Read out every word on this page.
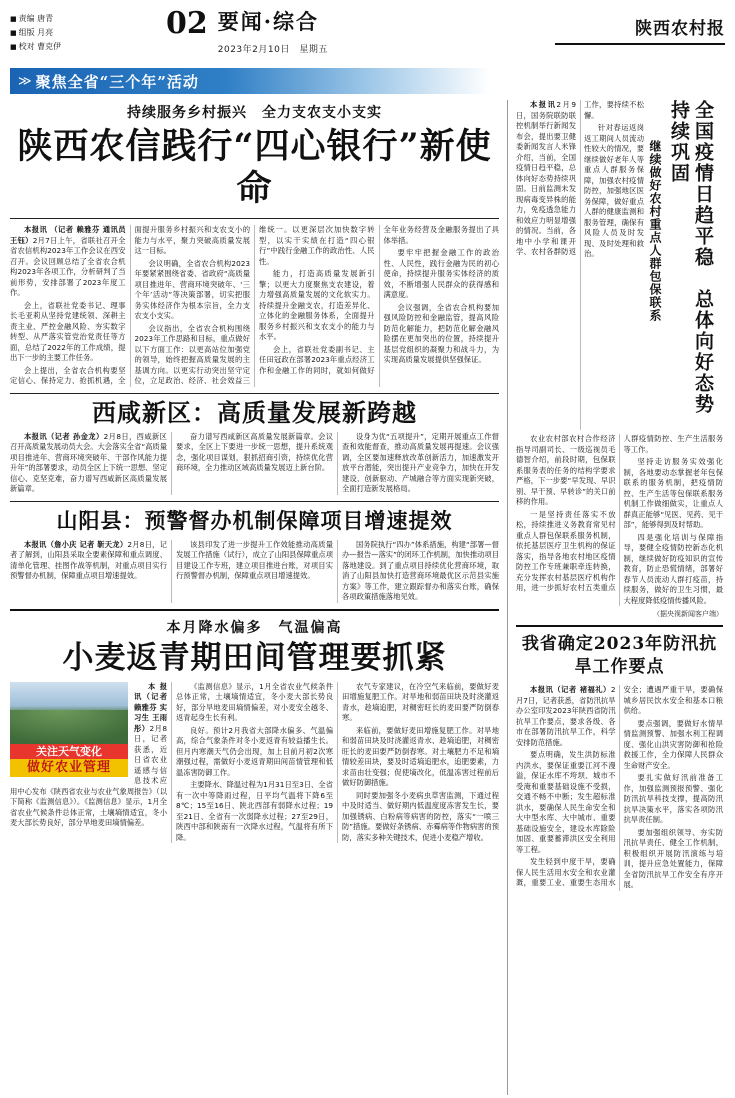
■ 责编 唐青
■ 组版 月亮
■ 校对 曹克伊
02 要闻·综合
2023年2月10日　星期五
陕西农村报
≫ 聚焦全省“三个年”活动
持续服务乡村振兴　全力支农支小支实
陕西农信践行“四心银行”新使命

本报讯 （记者 赖雅芬 通讯员 王钰）2月7日上午，省联社召开全省农信机构2023年工作会议在西安召开。会议回顾总结了全省农合机构2023年各项工作，分析研判了当前形势，安排部署了2023年度工作。

会上，省联社党委书记、理事长毛亚莉从坚持党建统领、深耕主责主业、严控金融风险、夯实数字转型、从严落实管党治党责任等方面，总结了2022年的工作成绩，提出下一步的主要工作任务。

会上提出，全省农合机构要坚定信心、保持定力、抢抓机遇，全面提升服务乡村振兴和支农支小的能力与水平，聚力突破高质量发展这一目标。

会议明确，全省农合机构2023年要紧紧围绕省委、省政府“高质量项目推进年、营商环境突破年、‘三个年’活动”等决策部署，切实把服务实体经济作为根本宗旨，全力支农支小支实。

会议指出，全省农合机构围绕2023年工作思路和目标，重点做好以下方面工作：以更高站位加强党的领导，始终把握高质量发展的主基调方向。以更实行动突出坚守定位，立足政治、经济、社会效益三维统一。以更深层次加快数字转型，以实干实绩在打造“四心银行”中践行金融工作的政治性、人民性。

能力，打造高质量发展新引擎；以更大力度聚焦支农建设，着力增强高质量发展的文化软实力。持续提升金融支农，打造差异化、立体化的金融服务体系，全面提升服务乡村振兴和支农支小的能力与水平。

会上，省联社党委副书记、主任田冠政在部署2023年重点经济工作和金融工作的同时，就如何做好全年业务经营及金融服务提出了具体举措。

要牢牢把握金融工作的政治性、人民性，践行金融为民的初心使命，持续提升服务实体经济的质效，不断增强人民群众的获得感和满意度。

会议强调，全省农合机构要加强风险防控和金融监管，提高风险防范化解能力，把防范化解金融风险摆在更加突出的位置，持续提升基层党组织的凝聚力和战斗力，为实现高质量发展提供坚强保证。

西咸新区：高质量发展新跨越

本报讯（记者 孙金龙）2月8日，西咸新区召开高质量发展动员大会。大会落实全省“高质量项目推进年、营商环境突破年、干部作风能力提升年”的部署要求，动员全区上下统一思想、坚定信心、克坚克难，奋力谱写西咸新区高质量发展新篇章。

奋力谱写西咸新区高质量发展新篇章。会议要求，全区上下要进一步统一思想，提升系统观念，强化项目谋划，狠抓招商引资，持续优化营商环境，全力推动区域高质量发展迈上新台阶。

设身为优“五项提升”，定期开展重点工作督查和效能督查，推动高质量发展再提速。会议强调，全区要加速释放改革创新活力，加速激发开放平台潜能，突出提升产业竞争力，加快在开发建设、创新驱动、产城融合等方面实现新突破，全面打造新发展格局。

山阳县：预警督办机制保障项目增速提效

本报讯（詹小庆 记者 靳天龙）2月8日，记者了解到，山阳县采取全要素保障和重点调度、清单化管理、挂图作战等机制，对重点项目实行预警督办机制，保障重点项目增速提效。

该县印发了进一步提升工作效能推动高质量发展工作措施（试行），成立了山阳县保障重点项目建设工作专班，建立项目推进台账，对项目实行预警督办机制，保障重点项目增速提效。

国务院执行“四办”体系措施，构建“部署—督办—报告—落实”的闭环工作机制，加快推动项目落地建设。到了重点项目持续优化营商环境，取消了山阳县加快打造营商环境最优区示范县实施方案》等工作，建立跟踪督办和落实台账，确保各项政策措施落地见效。

本月降水偏多　气温偏高
小麦返青期田间管理要抓紧
关注天气变化
做好农业管理

本报讯（记者 赖雅芬 实习生 王雨彤）2月8日，记者获悉，近日省农业遥感与信息技术应用中心发布《陕西省农业与农业气象周报告》（以下简称《监测信息》）。《监测信息》显示，1月全省农业气候条件总体正常，土壤墒情适宜，冬小麦大部长势良好，部分旱地麦田墒情偏差。

《监测信息》显示，1月全省农业气候条件总体正常，土壤墒情适宜，冬小麦大部长势良好，部分旱地麦田墒情偏差，对小麦安全越冬、返青起身生长有利。

良好。预计2月我省大部降水偏多、气温偏高，综合气象条件对冬小麦返青有较益播生长。但月内寒潮天气仍会出现，加上目前月初2次寒潮强过程，需做好小麦返青期田间苗情管理和低温冻害防御工作。

主要降水、降温过程为1月31日至3日、全省有一次中等降雨过程，日平均气温将下降6至8℃；15至16日、陕北西部有弱降水过程；19至21日、全省有一次弱降水过程；27至29日，陕西中部和陕南有一次降水过程，气温将有所下降。

农气专家建议，在冷空气来临前，要做好麦田增施复肥工作。对旱地和弱苗田块及时浇灌返青水，趁墒追肥，对稠密旺长的麦田要严防倒春寒。

来临前，要做好麦田增施复肥工作。对旱地和弱苗田块及时浇灌返青水、趁墒追肥，对稠密旺长的麦田要严防倒春寒。对土壤肥力不足和墒情较差田块，要及时适墒追肥水，追肥要素，力求苗由壮变强；促使墒改化，低温冻害过程前后做好防御措施。

同时要加强冬小麦病虫草害监测，下通过程中及时适当、做好期内低温度度冻害发生长，要加强锈病、白粉病等病害的防控，落实“一喷三防”措施。要做好条锈病、赤霉病等作物病害的预防，落实多种关键技术，促进小麦稳产增收。

本报讯2月9日，国务院联防联控机制举行新闻发布会，提出要卫健委新闻发言人米锋介绍，当前，全国疫情日趋平稳，总体向好态势持续巩固。日前监测未发现病毒变异株的能力，免疫透急能力和效应力明显增强的情况。当前，各地中小学和课开学、农村各群防返工作，要持续不松懈。

针对春运返岗返工期间人员流动性较大的情况，要继续做好老年人等重点人群服务保障，加强农村疫情防控，加强地区医务保障，做好重点人群的健康监测和服务管理，确保有风险人员及时发现、及时处理和救治。	继续做好农村重点人群包保联系	全国疫情日趋平稳　总体向好态势持续巩固

农业农村部农村合作经济指导司副司长、一级巡视员毛德智介绍，前段时期，包保联系服务表的任务的结构学要求严格，下一步要“早发现、早识别、早干预、早转诊”的关口前移的作用。

一是坚持责任落实不放松，持续推进义务教育常见村重点人群包保联系服务机制，依托基层医疗卫生机构的保证落实，指导各地农村地区疫情防控工作专班兼职牵连转换，充分发挥农村基层医疗机构作用，进一步抓好农村五类重点人群疫情防控、生产生活服务等工作。

坚持走访服务实效强化制，各地要动态掌握老年包保联系的服务机制，把疫情防控、生产生活等包保联系服务机制工作做细做实，让重点人群真正能够“见医、见药、见干部”，能够得到及时帮助。

四是强化培训与保障指导，要健全疫情防控新态化机制，继续做好防疫知识的宣传教育，防止恐慌情绪，部署好春节人员流动人群打疫苗，持续服务，做好的卫生习惯，最大程度降低疫情传播风险。

（据央视新闻客户端）
我省确定2023年防汛抗旱工作要点

本报讯（记者 褚福礼）2月7日，记者获悉，省防汛抗旱办公室印发2023年陕西省防汛抗旱工作要点，要求各级、各市在部署防汛抗旱工作，科学安排防范措施。

要点明确，发生洪防标准内洪水，要保证重要江河不漫溢，保证水库不垮坝、城市不受淹和重要基础设施不受损，交通不畅不中断；发生超标准洪水，要确保人民生命安全和大中型水库、大中城市、重要基础设施安全，建设水库除险加固、重要蓄滞洪区安全利用等工程。

发生轻到中度干旱，要确保人民生活用水安全和农业灌溉，重要工业、重要生态用水安全；遭遇严重干旱，要确保城乡居民饮水安全和基本口粮供给。

要点强调，要做好水情旱情监测预警、加强水利工程调度、强化山洪灾害防御和抢险救援工作，全力保障人民群众生命财产安全。

要扎实做好汛前准备工作，加强监测预报预警、强化防汛抗旱科技支撑，提高防汛抗旱决策水平，落实各项防汛抗旱责任制。

要加强组织领导、夯实防汛抗旱责任、健全工作机制，积极组织开展防汛演练与培训，提升应急处置能力，保障全省防汛抗旱工作安全有序开展。
